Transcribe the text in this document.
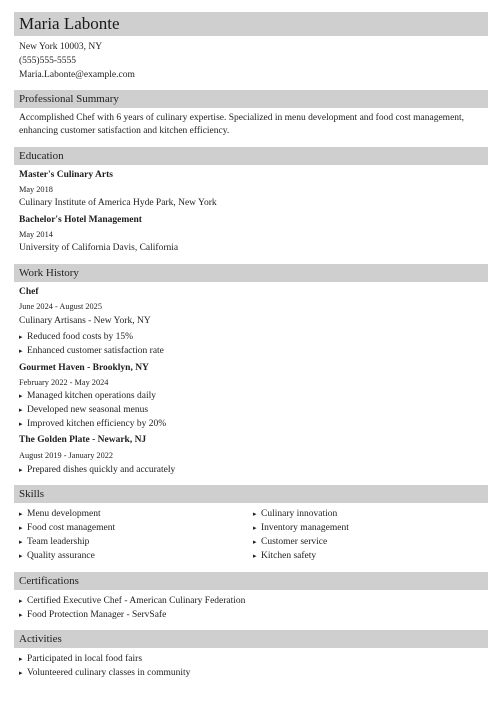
Maria Labonte
New York 10003, NY
(555)555-5555
Maria.Labonte@example.com
Professional Summary
Accomplished Chef with 6 years of culinary expertise. Specialized in menu development and food cost management, enhancing customer satisfaction and kitchen efficiency.
Education
Master's Culinary Arts
May 2018
Culinary Institute of America Hyde Park, New York
Bachelor's Hotel Management
May 2014
University of California Davis, California
Work History
Chef
June 2024 - August 2025
Culinary Artisans - New York, NY
▸ Reduced food costs by 15%
▸ Enhanced customer satisfaction rate
Gourmet Haven - Brooklyn, NY
February 2022 - May 2024
▸ Managed kitchen operations daily
▸ Developed new seasonal menus
▸ Improved kitchen efficiency by 20%
The Golden Plate - Newark, NJ
August 2019 - January 2022
▸ Prepared dishes quickly and accurately
Skills
▸ Menu development
▸ Food cost management
▸ Team leadership
▸ Quality assurance
▸ Culinary innovation
▸ Inventory management
▸ Customer service
▸ Kitchen safety
Certifications
▸ Certified Executive Chef - American Culinary Federation
▸ Food Protection Manager - ServSafe
Activities
▸ Participated in local food fairs
▸ Volunteered culinary classes in community
